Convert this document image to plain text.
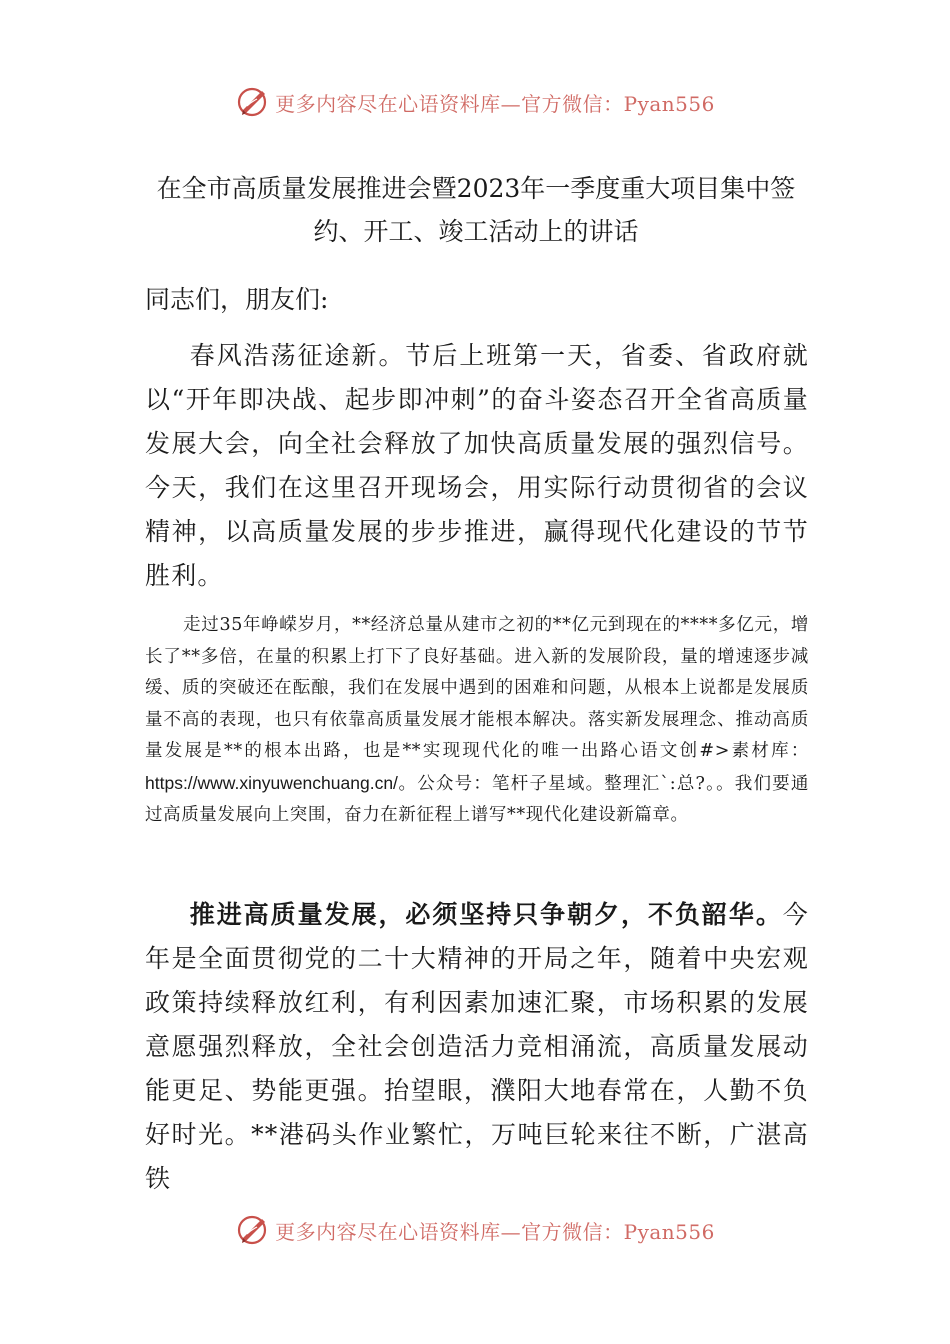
更多内容尽在心语资料库—官方微信：Pyan556
在全市高质量发展推进会暨2023年一季度重大项目集中签
约、开工、竣工活动上的讲话
同志们，朋友们:
春风浩荡征途新。节后上班第一天，省委、省政府就以“开年即决战、起步即冲刺”的奋斗姿态召开全省高质量发展大会，向全社会释放了加快高质量发展的强烈信号。今天，我们在这里召开现场会，用实际行动贯彻省的会议精神，以高质量发展的步步推进，赢得现代化建设的节节胜利。
走过35年峥嵘岁月，**经济总量从建市之初的**亿元到现在的****多亿元，增长了**多倍，在量的积累上打下了良好基础。进入新的发展阶段，量的增速逐步减缓、质的突破还在酝酿，我们在发展中遇到的困难和问题，从根本上说都是发展质量不高的表现，也只有依靠高质量发展才能根本解决。落实新发展理念、推动高质量发展是**的根本出路，也是**实现现代化的唯一出路心语文创#>素材库：https://www.xinyuwenchuang.cn/。公众号：笔杆子星域。整理汇`:总?。。我们要通过高质量发展向上突围，奋力在新征程上谱写**现代化建设新篇章。
推进高质量发展，必须坚持只争朝夕，不负韶华。今年是全面贯彻党的二十大精神的开局之年，随着中央宏观政策持续释放红利，有利因素加速汇聚，市场积累的发展意愿强烈释放，全社会创造活力竞相涌流，高质量发展动能更足、势能更强。抬望眼，濮阳大地春常在，人勤不负好时光。**港码头作业繁忙，万吨巨轮来往不断，广湛高铁
更多内容尽在心语资料库—官方微信：Pyan556
